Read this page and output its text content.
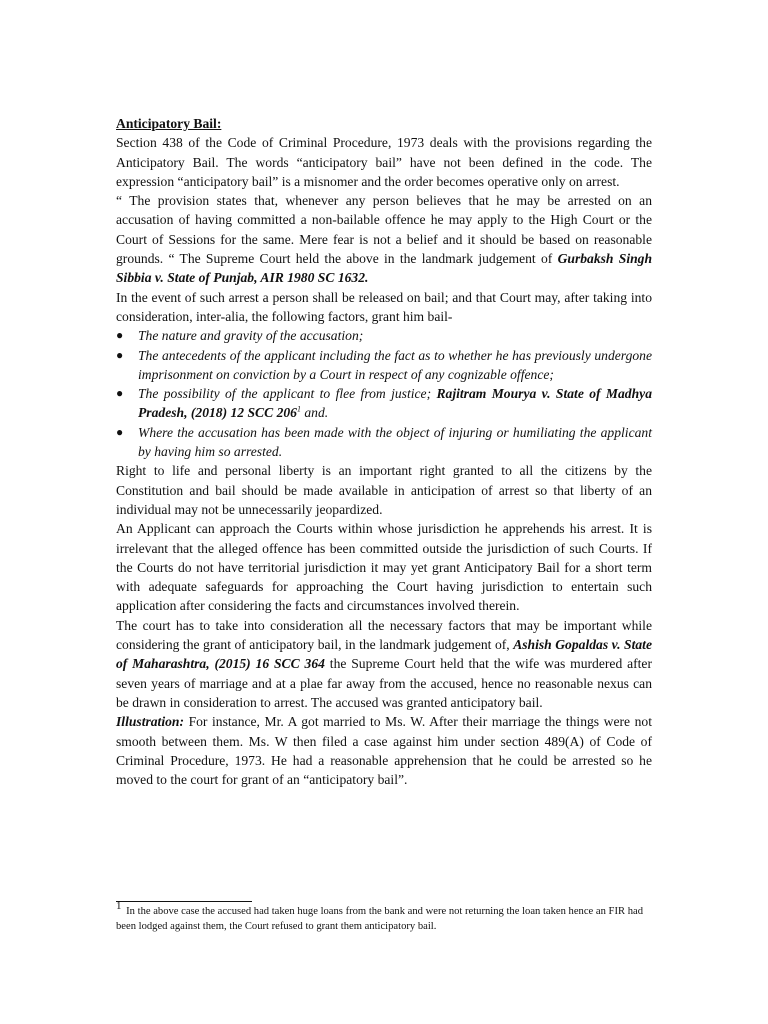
Anticipatory Bail:

Section 438 of the Code of Criminal Procedure, 1973 deals with the provisions regarding the Anticipatory Bail. The words “anticipatory bail” have not been defined in the code. The expression “anticipatory bail” is a misnomer and the order becomes operative only on arrest.

“ The provision states that, whenever any person believes that he may be arrested on an accusation of having committed a non-bailable offence he may apply to the High Court or the Court of Sessions for the same. Mere fear is not a belief and it should be based on reasonable grounds. “ The Supreme Court held the above in the landmark judgement of Gurbaksh Singh Sibbia v. State of Punjab, AIR 1980 SC 1632.

In the event of such arrest a person shall be released on bail; and that Court may, after taking into consideration, inter-alia, the following factors, grant him bail-

● The nature and gravity of the accusation;
● The antecedents of the applicant including the fact as to whether he has previously undergone imprisonment on conviction by a Court in respect of any cognizable offence;
● The possibility of the applicant to flee from justice; Rajitram Mourya v. State of Madhya Pradesh, (2018) 12 SCC $206^1$ and.
● Where the accusation has been made with the object of injuring or humiliating the applicant by having him so arrested.

Right to life and personal liberty is an important right granted to all the citizens by the Constitution and bail should be made available in anticipation of arrest so that liberty of an individual may not be unnecessarily jeopardized.

An Applicant can approach the Courts within whose jurisdiction he apprehends his arrest. It is irrelevant that the alleged offence has been committed outside the jurisdiction of such Courts. If the Courts do not have territorial jurisdiction it may yet grant Anticipatory Bail for a short term with adequate safeguards for approaching the Court having jurisdiction to entertain such application after considering the facts and circumstances involved therein.

The court has to take into consideration all the necessary factors that may be important while considering the grant of anticipatory bail, in the landmark judgement of, Ashish Gopaldas v. State of Maharashtra, (2015) 16 SCC 364 the Supreme Court held that the wife was murdered after seven years of marriage and at a plae far away from the accused, hence no reasonable nexus can be drawn in consideration to arrest. The accused was granted anticipatory bail.

Illustration: For instance, Mr. A got married to Ms. W. After their marriage the things were not smooth between them. Ms. W then filed a case against him under section 489(A) of Code of Criminal Procedure, 1973. He had a reasonable apprehension that he could be arrested so he moved to the court for grant of an “anticipatory bail”.

1 In the above case the accused had taken huge loans from the bank and were not returning the loan taken hence an FIR had been lodged against them, the Court refused to grant them anticipatory bail.
